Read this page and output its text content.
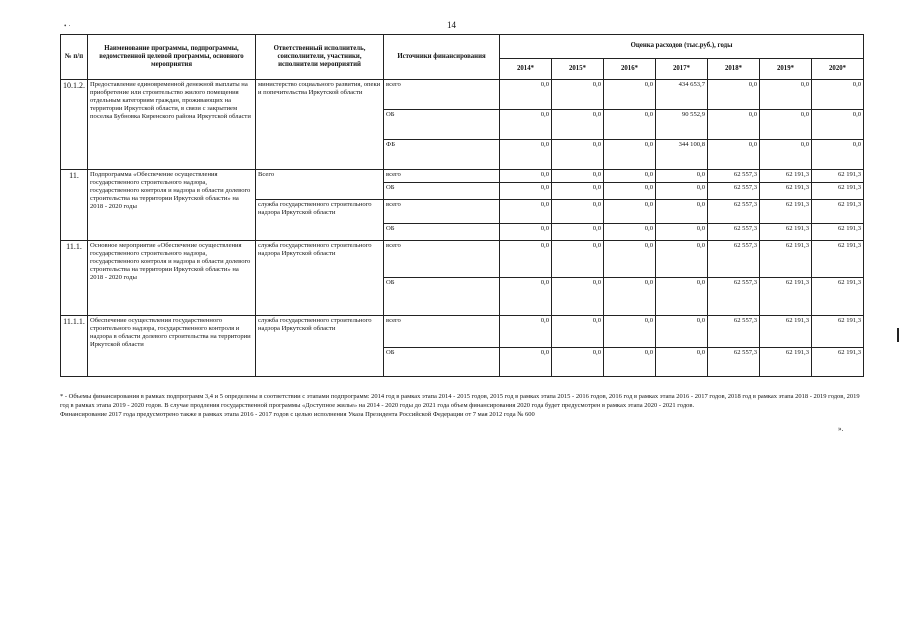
• ·	14
№ п/п	Наименование программы, подпрограммы, ведомственной целевой программы, основного мероприятия	Ответственный исполнитель, соисполнители, участники, исполнители мероприятий	Источники финансирования	Оценка расходов (тыс.руб.), годы						
				2014*	2015*	2016*	2017*	2018*	2019*	2020*
10.1.2.	Предоставление единовременной денежной выплаты на приобретение или строительство жилого помещения отдельным категориям граждан, проживающих на территории Иркутской области, в связи с закрытием поселка Бубновка Киренского района Иркутской области	министерство социального развития, опеки и попечительства Иркутской области	всего	0,0	0,0	0,0	434 653,7	0,0	0,0	0,0
			ОБ	0,0	0,0	0,0	90 552,9	0,0	0,0	0,0
			ФБ	0,0	0,0	0,0	344 100,8	0,0	0,0	0,0
11.	Подпрограмма «Обеспечение осуществления государственного строительного надзора, государственного контроля и надзора в области долевого строительства на территории Иркутской области» на 2018 - 2020 годы	Всего	всего	0,0	0,0	0,0	0,0	62 557,3	62 191,3	62 191,3
			ОБ	0,0	0,0	0,0	0,0	62 557,3	62 191,3	62 191,3
		служба государственного строительного надзора Иркутской области	всего	0,0	0,0	0,0	0,0	62 557,3	62 191,3	62 191,3
			ОБ	0,0	0,0	0,0	0,0	62 557,3	62 191,3	62 191,3
11.1.	Основное мероприятие «Обеспечение осуществления государственного строительного надзора, государственного контроля и надзора в области долевого строительства на территории Иркутской области» на 2018 - 2020 годы	служба государственного строительного надзора Иркутской области	всего	0,0	0,0	0,0	0,0	62 557,3	62 191,3	62 191,3
			ОБ	0,0	0,0	0,0	0,0	62 557,3	62 191,3	62 191,3
11.1.1.	Обеспечение осуществления государственного строительного надзора, государственного контроля и надзора в области долевого строительства на территории Иркутской области	служба государственного строительного надзора Иркутской области	всего	0,0	0,0	0,0	0,0	62 557,3	62 191,3	62 191,3
			ОБ	0,0	0,0	0,0	0,0	62 557,3	62 191,3	62 191,3

* - Объемы финансирования в рамках подпрограмм 3,4 и 5 определены в соответствии с этапами подпрограмм: 2014 год в рамках этапа 2014 - 2015 годов, 2015 год в рамках этапа 2015 - 2016 годов, 2016 год в рамках этапа 2016 - 2017 годов, 2018 год в рамках этапа 2018 - 2019 годов, 2019 год в рамках этапа 2019 - 2020 годов. В случае продления государственной программы «Доступное жилье» на 2014 - 2020 годы до 2021 года объем финансирования 2020 года будет предусмотрен в рамках этапа 2020 - 2021 годов.

Финансирование 2017 года предусмотрено также в рамках этапа 2016 - 2017 годов с целью исполнения Указа Президента Российской Федерации от 7 мая 2012 года № 600

».
